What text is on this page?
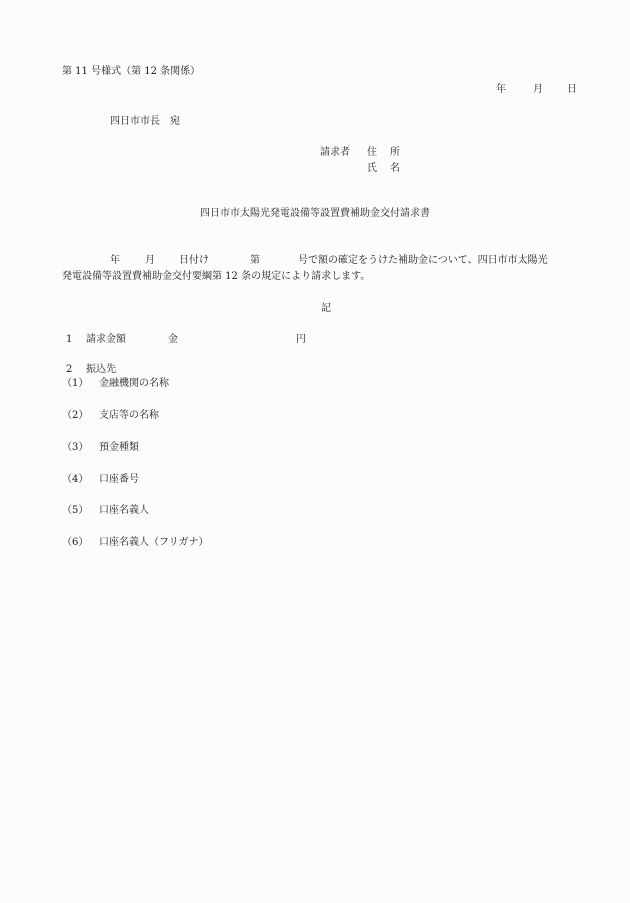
第 11 号様式（第 12 条関係）
年	月 日
四日市市長　宛
請求者 住 所
氏 名
四日市市太陽光発電設備等設置費補助金交付請求書
年	月 日付け	第	号で額の確定をうけた補助金について、四日市市太陽光
発電設備等設置費補助金交付要綱第 12 条の規定により請求します。
記
1 請求金額	金	円
2 振込先
（1） 金融機関の名称
（2） 支店等の名称
（3） 預金種類
（4） 口座番号
（5） 口座名義人
（6） 口座名義人（フリガナ）
